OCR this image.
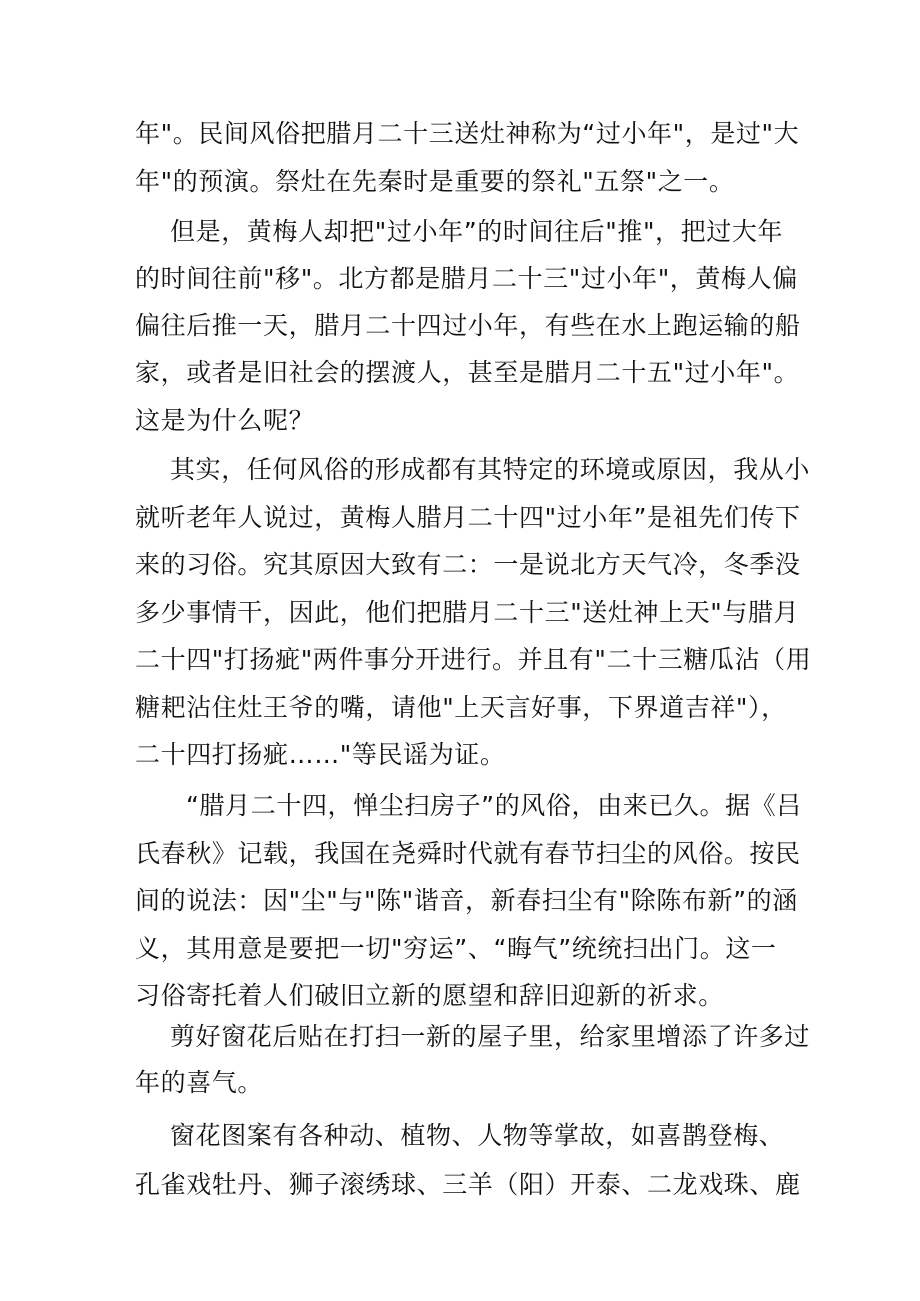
年"。民间风俗把腊月二十三送灶神称为“过小年"，是过"大
年"的预演。祭灶在先秦时是重要的祭礼"五祭"之一。
但是，黄梅人却把"过小年”的时间往后"推"，把过大年
的时间往前"移"。北方都是腊月二十三"过小年"，黄梅人偏
偏往后推一天，腊月二十四过小年，有些在水上跑运输的船
家，或者是旧社会的摆渡人，甚至是腊月二十五"过小年"。
这是为什么呢？
其实，任何风俗的形成都有其特定的环境或原因，我从小
就听老年人说过，黄梅人腊月二十四"过小年”是祖先们传下
来的习俗。究其原因大致有二：一是说北方天气冷，冬季没
多少事情干，因此，他们把腊月二十三"送灶神上天"与腊月
二十四"打扬疵"两件事分开进行。并且有"二十三糖瓜沾（用
糖耙沾住灶王爷的嘴，请他"上天言好事，下界道吉祥"），
二十四打扬疵……"等民谣为证。
“腊月二十四，惮尘扫房子”的风俗，由来已久。据《吕
氏春秋》记载，我国在尧舜时代就有春节扫尘的风俗。按民
间的说法：因"尘"与"陈"谐音，新春扫尘有"除陈布新”的涵
义，其用意是要把一切"穷运”、“晦气”统统扫出门。这一
习俗寄托着人们破旧立新的愿望和辞旧迎新的祈求。
剪好窗花后贴在打扫一新的屋子里，给家里增添了许多过
年的喜气。
窗花图案有各种动、植物、人物等掌故，如喜鹊登梅、
孔雀戏牡丹、狮子滚绣球、三羊（阳）开泰、二龙戏珠、鹿
